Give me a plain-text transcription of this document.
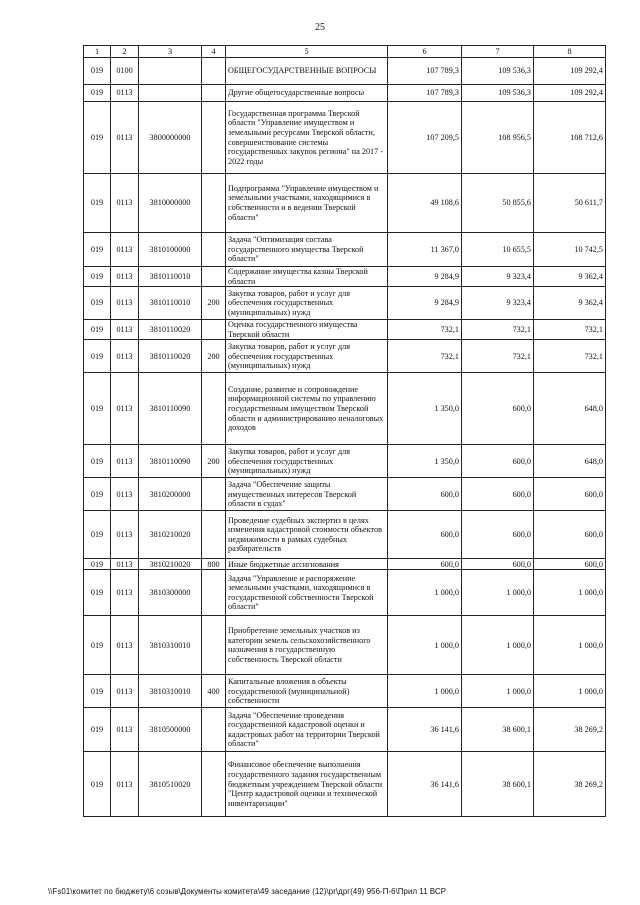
25
1	2	3	4	5	6	7	8
019	0100			ОБЩЕГОСУДАРСТВЕННЫЕ ВОПРОСЫ	107 789,3	109 536,3	109 292,4
019	0113			Другие общегосударственные вопросы	107 789,3	109 536,3	109 292,4
019	0113	3800000000		Государственная программа Тверской области "Управление имуществом и земельными ресурсами Тверской области, совершенствование системы государственных закупок региона" на 2017 - 2022 годы	107 209,5	108 956,5	108 712,6
019	0113	3810000000		Подпрограмма "Управление имуществом и земельными участками, находящимися в собственности и в ведении Тверской области"	49 108,6	50 855,6	50 611,7
019	0113	3810100000		Задача "Оптимизация состава государственного имущества Тверской области"	11 367,0	10 655,5	10 742,5
019	0113	3810110010		Содержание имущества казны Тверской области	9 284,9	9 323,4	9 362,4
019	0113	3810110010	200	Закупка товаров, работ и услуг для обеспечения государственных (муниципальных) нужд	9 284,9	9 323,4	9 362,4
019	0113	3810110020		Оценка государственного имущества Тверской области	732,1	732,1	732,1
019	0113	3810110020	200	Закупка товаров, работ и услуг для обеспечения государственных (муниципальных) нужд	732,1	732,1	732,1
019	0113	3810110090		Создание, развитие и сопровождение информационной системы по управлению государственным имуществом Тверской области и администрированию неналоговых доходов	1 350,0	600,0	648,0
019	0113	3810110090	200	Закупка товаров, работ и услуг для обеспечения государственных (муниципальных) нужд	1 350,0	600,0	648,0
019	0113	3810200000		Задача "Обеспечение защиты имущественных интересов Тверской области в судах"	600,0	600,0	600,0
019	0113	3810210020		Проведение судебных экспертиз в целях изменения кадастровой стоимости объектов недвижимости в рамках судебных разбирательств	600,0	600,0	600,0
019	0113	3810210020	800	Иные бюджетные ассигнования	600,0	600,0	600,0
019	0113	3810300000		Задача "Управление и распоряжение земельными участками, находящимися в государственной собственности Тверской области"	1 000,0	1 000,0	1 000,0
019	0113	3810310010		Приобретение земельных участков из категории земель сельскохозяйственного назначения в государственную собственность Тверской области	1 000,0	1 000,0	1 000,0
019	0113	3810310010	400	Капитальные вложения в объекты государственной (муниципальной) собственности	1 000,0	1 000,0	1 000,0
019	0113	3810500000		Задача "Обеспечение проведения государственной кадастровой оценки и кадастровых работ на территории Тверской области"	36 141,6	38 600,1	38 269,2
019	0113	3810510020		Финансовое обеспечение выполнения государственного задания государственным бюджетным учреждением Тверской области "Центр кадастровой оценки и технической инвентаризации"	36 141,6	38 600,1	38 269,2
\\Fs01\комитет по бюджету\6 созыв\Документы комитета\49 заседание (12)\pr\дрг(49) 956-П-6\Прил 11 ВСР
